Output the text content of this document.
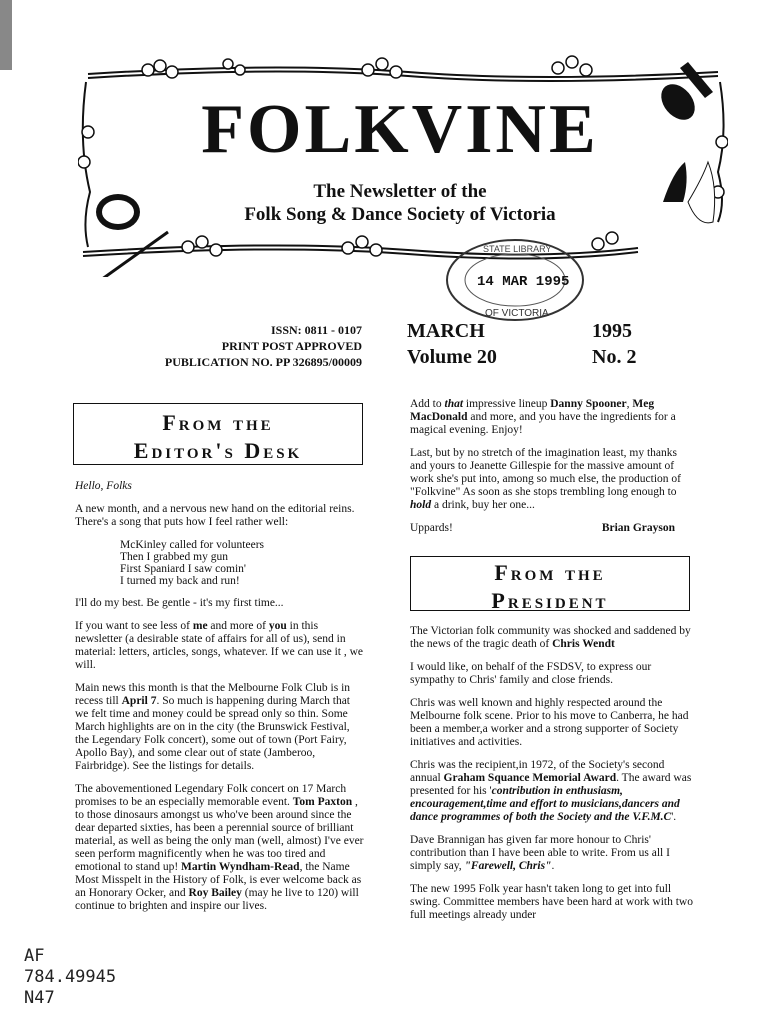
FOLKVINE
The Newsletter of the
Folk Song & Dance Society of Victoria
STATE LIBRARY
OF VICTORIA
14 MAR 1995
ISSN: 0811 - 0107
PRINT POST APPROVED
PUBLICATION NO. PP 326895/00009
MARCH	1995
Volume 20	No. 2
From the
Editor's Desk

Hello, Folks

A new month, and a nervous new hand on the editorial reins. There's a song that puts how I feel rather well:

McKinley called for volunteers
Then I grabbed my gun
First Spaniard I saw comin'
I turned my back and run!

I'll do my best. Be gentle - it's my first time...

If you want to see less of me and more of you in this newsletter (a desirable state of affairs for all of us), send in material: letters, articles, songs, whatever. If we can use it , we will.

Main news this month is that the Melbourne Folk Club is in recess till April 7. So much is happening during March that we felt time and money could be spread only so thin. Some March highlights are on in the city (the Brunswick Festival, the Legendary Folk concert), some out of town (Port Fairy, Apollo Bay), and some clear out of state (Jamberoo, Fairbridge). See the listings for details.

The abovementioned Legendary Folk concert on 17 March promises to be an especially memorable event. Tom Paxton , to those dinosaurs amongst us who've been around since the dear departed sixties, has been a perennial source of brilliant material, as well as being the only man (well, almost) I've ever seen perform magnificently when he was too tired and emotional to stand up! Martin Wyndham-Read, the Name Most Misspelt in the History of Folk, is ever welcome back as an Honorary Ocker, and Roy Bailey (may he live to 120) will continue to brighten and inspire our lives.

Add to that impressive lineup Danny Spooner, Meg MacDonald and more, and you have the ingredients for a magical evening. Enjoy!

Last, but by no stretch of the imagination least, my thanks and yours to Jeanette Gillespie for the massive amount of work she's put into, among so much else, the production of "Folkvine" As soon as she stops trembling long enough to hold a drink, buy her one...

Uppards!	Brian Grayson
From the
President

The Victorian folk community was shocked and saddened by the news of the tragic death of Chris Wendt

I would like, on behalf of the FSDSV, to express our sympathy to Chris' family and close friends.

Chris was well known and highly respected around the Melbourne folk scene. Prior to his move to Canberra, he had been a member,a worker and a strong supporter of Society initiatives and activities.

Chris was the recipient,in 1972, of the Society's second annual Graham Squance Memorial Award. The award was presented for his 'contribution in enthusiasm, encouragement,time and effort to musicians,dancers and dance programmes of both the Society and the V.F.M.C'.

Dave Brannigan has given far more honour to Chris' contribution than I have been able to write. From us all I simply say, "Farewell, Chris".

The new 1995 Folk year hasn't taken long to get into full swing. Committee members have been hard at work with two full meetings already under

AF
784.49945
N47
